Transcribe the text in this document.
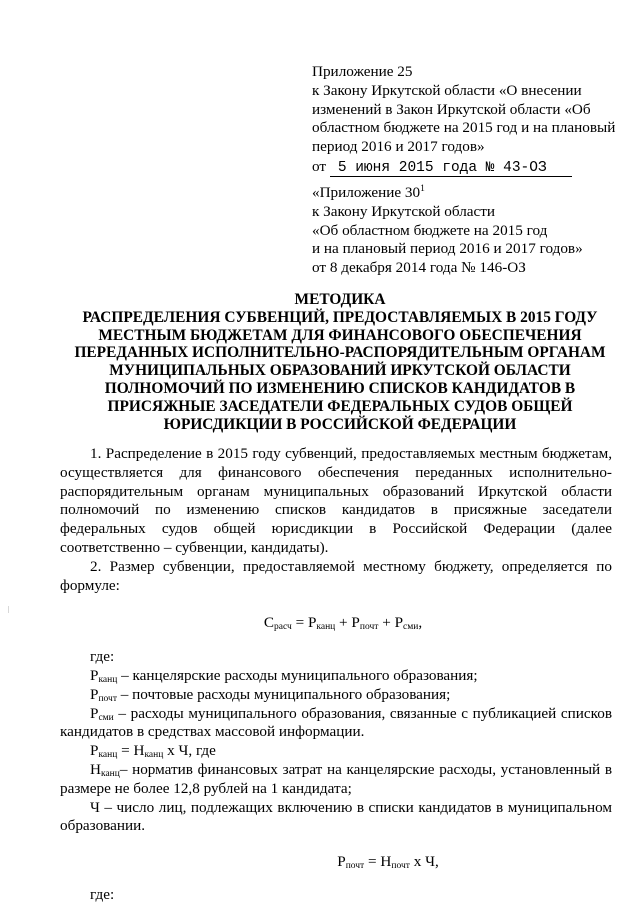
Приложение 25
к Закону Иркутской области «О внесении
изменений в Закон Иркутской области «Об
областном бюджете на 2015 год и на плановый
период 2016 и 2017 годов»
от 5 июня 2015 года № 43-ОЗ
«Приложение $30^1$
к Закону Иркутской области
«Об областном бюджете на 2015 год
и на плановый период 2016 и 2017 годов»
от 8 декабря 2014 года № 146-ОЗ
МЕТОДИКА
РАСПРЕДЕЛЕНИЯ СУБВЕНЦИЙ, ПРЕДОСТАВЛЯЕМЫХ В 2015 ГОДУ
МЕСТНЫМ БЮДЖЕТАМ ДЛЯ ФИНАНСОВОГО ОБЕСПЕЧЕНИЯ
ПЕРЕДАННЫХ ИСПОЛНИТЕЛЬНО-РАСПОРЯДИТЕЛЬНЫМ ОРГАНАМ
МУНИЦИПАЛЬНЫХ ОБРАЗОВАНИЙ ИРКУТСКОЙ ОБЛАСТИ
ПОЛНОМОЧИЙ ПО ИЗМЕНЕНИЮ СПИСКОВ КАНДИДАТОВ В
ПРИСЯЖНЫЕ ЗАСЕДАТЕЛИ ФЕДЕРАЛЬНЫХ СУДОВ ОБЩЕЙ
ЮРИСДИКЦИИ В РОССИЙСКОЙ ФЕДЕРАЦИИ

1. Распределение в 2015 году субвенций, предоставляемых местным бюджетам, осуществляется для финансового обеспечения переданных исполнительно-распорядительным органам муниципальных образований Иркутской области полномочий по изменению списков кандидатов в присяжные заседатели федеральных судов общей юрисдикции в Российской Федерации (далее соответственно – субвенции, кандидаты).

2. Размер субвенции, предоставляемой местному бюджету, определяется по формуле:

$С_{расч} = Р_{канц} + Р_{почт} + Р_{сми}$,

где:

$Р_{канц}$ – канцелярские расходы муниципального образования;

$Р_{почт}$ – почтовые расходы муниципального образования;

$Р_{сми}$ – расходы муниципального образования, связанные с публикацией списков кандидатов в средствах массовой информации.

$Р_{канц} = Н_{канц}$ х Ч, где

$Н_{канц}-$ норматив финансовых затрат на канцелярские расходы, установленный в размере не более 12,8 рублей на 1 кандидата;

Ч – число лиц, подлежащих включению в списки кандидатов в муниципальном образовании.

$Р_{почт} = Н_{почт}$ х Ч,

где:
